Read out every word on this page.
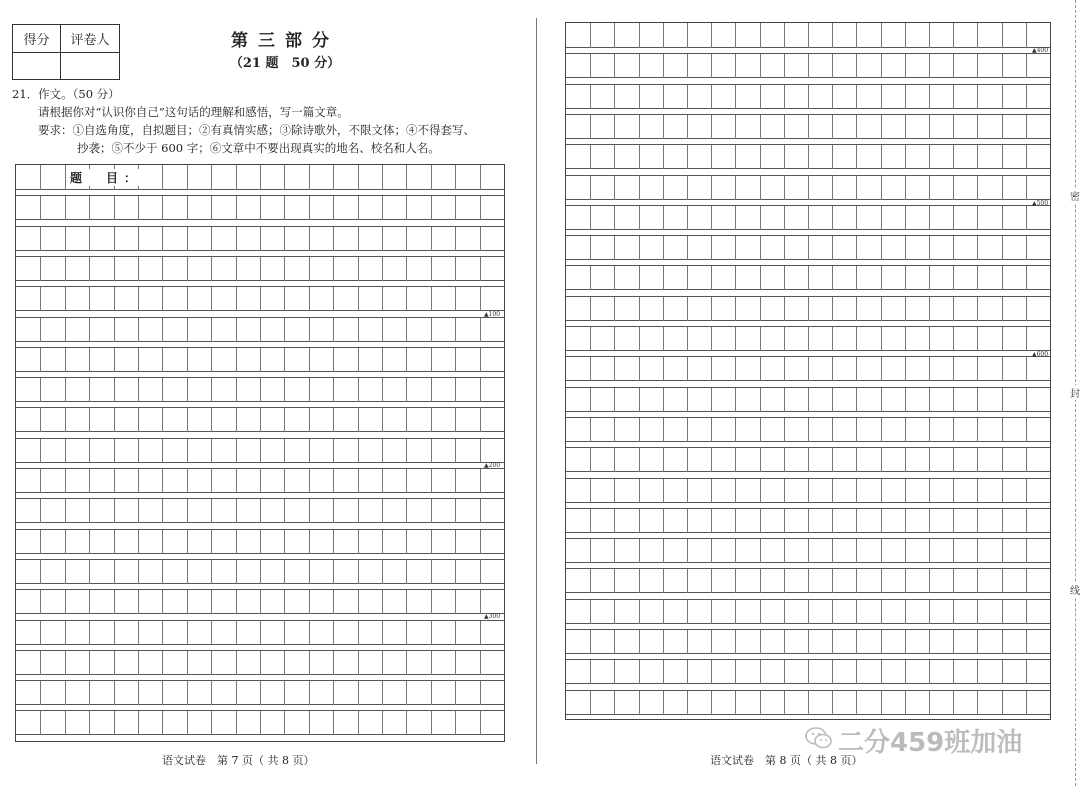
得分	评卷人	第三部分
（21 题　50 分）
21．作文。（50 分）
请根据你对“认识你自己”这句话的理解和感悟，写一篇文章。
要求：①自选角度，自拟题目；②有真情实感；③除诗歌外，不限文体；④不得套写、
抄袭；⑤不少于 600 字；⑥文章中不要出现真实的地名、校名和人名。
题　目：
▲100
▲200
▲300
▲400
▲500
▲600
密
封
线
语文试卷　第 7 页（ 共 8 页）	语文试卷　第 8 页（ 共 8 页）
二分459班加油
